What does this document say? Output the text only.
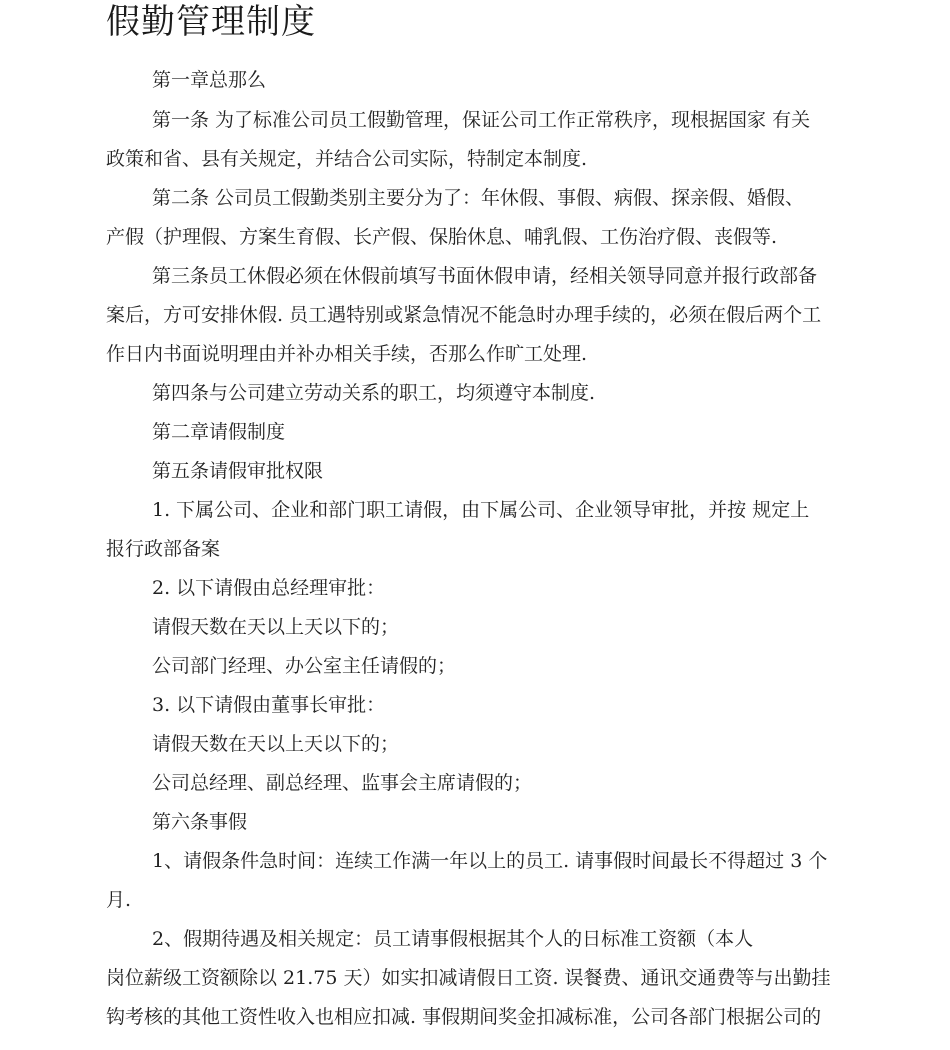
假勤管理制度
第一章总那么
第一条 为了标准公司员工假勤管理，保证公司工作正常秩序，现根据国家 有关
政策和省、县有关规定，并结合公司实际，特制定本制度.
第二条 公司员工假勤类别主要分为了：年休假、事假、病假、探亲假、婚假、
产假（护理假、方案生育假、长产假、保胎休息、哺乳假、工伤治疗假、丧假等.
第三条员工休假必须在休假前填写书面休假申请，经相关领导同意并报行政部备
案后，方可安排休假. 员工遇特别或紧急情况不能急时办理手续的，必须在假后两个工
作日内书面说明理由并补办相关手续，否那么作旷工处理.
第四条与公司建立劳动关系的职工，均须遵守本制度.
第二章请假制度
第五条请假审批权限
1. 下属公司、企业和部门职工请假，由下属公司、企业领导审批，并按 规定上
报行政部备案
2. 以下请假由总经理审批：
请假天数在天以上天以下的；
公司部门经理、办公室主任请假的；
3. 以下请假由董事长审批：
请假天数在天以上天以下的；
公司总经理、副总经理、监事会主席请假的；
第六条事假
1、请假条件急时间：连续工作满一年以上的员工. 请事假时间最长不得超过 3 个
月.
2、假期待遇及相关规定：员工请事假根据其个人的日标准工资额（本人
岗位薪级工资额除以 21.75 天）如实扣减请假日工资. 误餐费、通讯交通费等与出勤挂
钩考核的其他工资性收入也相应扣减. 事假期间奖金扣减标准，公司各部门根据公司的
